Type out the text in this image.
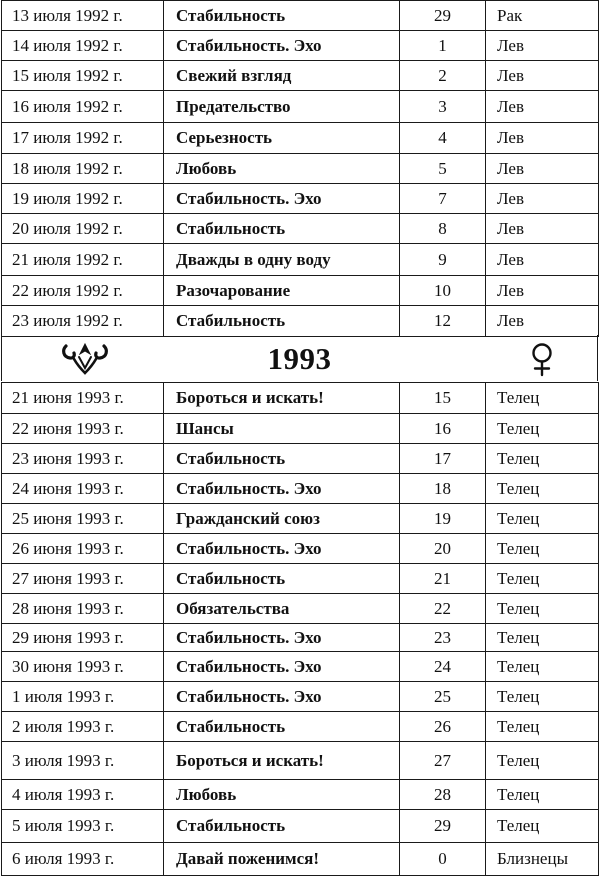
13 июля 1992 г.	Стабильность	29	Рак
14 июля 1992 г.	Стабильность. Эхо	1	Лев
15 июля 1992 г.	Свежий взгляд	2	Лев
16 июля 1992 г.	Предательство	3	Лев
17 июля 1992 г.	Серьезность	4	Лев
18 июля 1992 г.	Любовь	5	Лев
19 июля 1992 г.	Стабильность. Эхо	7	Лев
20 июля 1992 г.	Стабильность	8	Лев
21 июля 1992 г.	Дважды в одну воду	9	Лев
22 июля 1992 г.	Разочарование	10	Лев
23 июля 1992 г.	Стабильность	12	Лев
1993
21 июня 1993 г.	Бороться и искать!	15	Телец
22 июня 1993 г.	Шансы	16	Телец
23 июня 1993 г.	Стабильность	17	Телец
24 июня 1993 г.	Стабильность. Эхо	18	Телец
25 июня 1993 г.	Гражданский союз	19	Телец
26 июня 1993 г.	Стабильность. Эхо	20	Телец
27 июня 1993 г.	Стабильность	21	Телец
28 июня 1993 г.	Обязательства	22	Телец
29 июня 1993 г.	Стабильность. Эхо	23	Телец
30 июня 1993 г.	Стабильность. Эхо	24	Телец
1 июля 1993 г.	Стабильность. Эхо	25	Телец
2 июля 1993 г.	Стабильность	26	Телец
3 июля 1993 г.	Бороться и искать!	27	Телец
4 июля 1993 г.	Любовь	28	Телец
5 июля 1993 г.	Стабильность	29	Телец
6 июля 1993 г.	Давай поженимся!	0	Близнецы
